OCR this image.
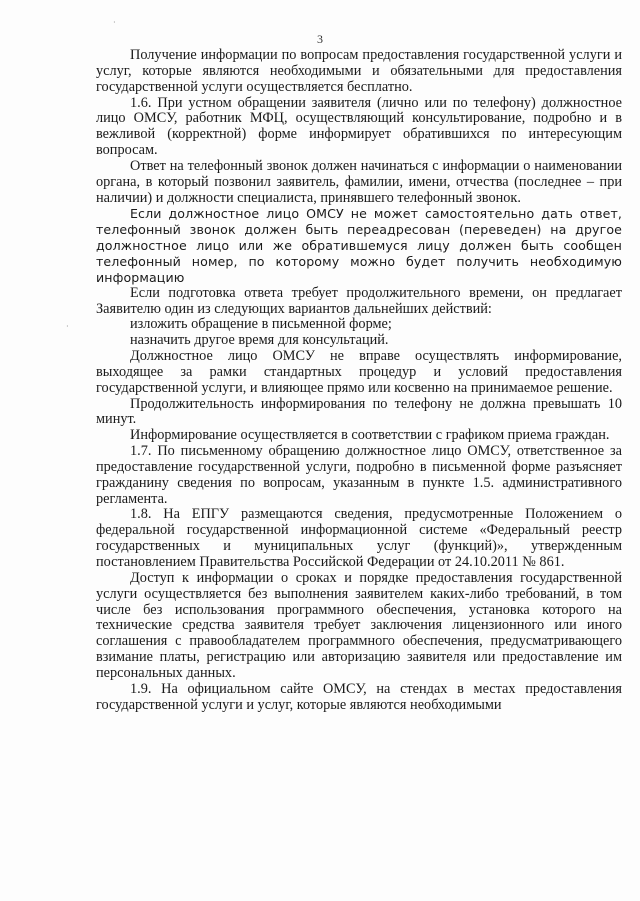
·
·
3

Получение информации по вопросам предоставления государственной услуги и услуг, которые являются необходимыми и обязательными для предоставления государственной услуги осуществляется бесплатно.

1.6. При устном обращении заявителя (лично или по телефону) должностное лицо ОМСУ, работник МФЦ, осуществляющий консультирование, подробно и в вежливой (корректной) форме информирует обратившихся по интересующим вопросам.

Ответ на телефонный звонок должен начинаться с информации о наименовании органа, в который позвонил заявитель, фамилии, имени, отчества (последнее – при наличии) и должности специалиста, принявшего телефонный звонок.

Если должностное лицо ОМСУ не может самостоятельно дать ответ, телефонный звонок должен быть переадресован (переведен) на другое должностное лицо или же обратившемуся лицу должен быть сообщен телефонный номер, по которому можно будет получить необходимую информацию

Если подготовка ответа требует продолжительного времени, он предлагает Заявителю один из следующих вариантов дальнейших действий:

изложить обращение в письменной форме;

назначить другое время для консультаций.

Должностное лицо ОМСУ не вправе осуществлять информирование, выходящее за рамки стандартных процедур и условий предоставления государственной услуги, и влияющее прямо или косвенно на принимаемое решение.

Продолжительность информирования по телефону не должна превышать 10 минут.

Информирование осуществляется в соответствии с графиком приема граждан.

1.7. По письменному обращению должностное лицо ОМСУ, ответственное за предоставление государственной услуги, подробно в письменной форме разъясняет гражданину сведения по вопросам, указанным в пункте 1.5. административного регламента.

1.8. На ЕПГУ размещаются сведения, предусмотренные Положением о федеральной государственной информационной системе «Федеральный реестр государственных и муниципальных услуг (функций)», утвержденным постановлением Правительства Российской Федерации от 24.10.2011 № 861.

Доступ к информации о сроках и порядке предоставления государственной услуги осуществляется без выполнения заявителем каких-либо требований, в том числе без использования программного обеспечения, установка которого на технические средства заявителя требует заключения лицензионного или иного соглашения с правообладателем программного обеспечения, предусматривающего взимание платы, регистрацию или авторизацию заявителя или предоставление им персональных данных.

1.9. На официальном сайте ОМСУ, на стендах в местах предоставления государственной услуги и услуг, которые являются необходимыми
